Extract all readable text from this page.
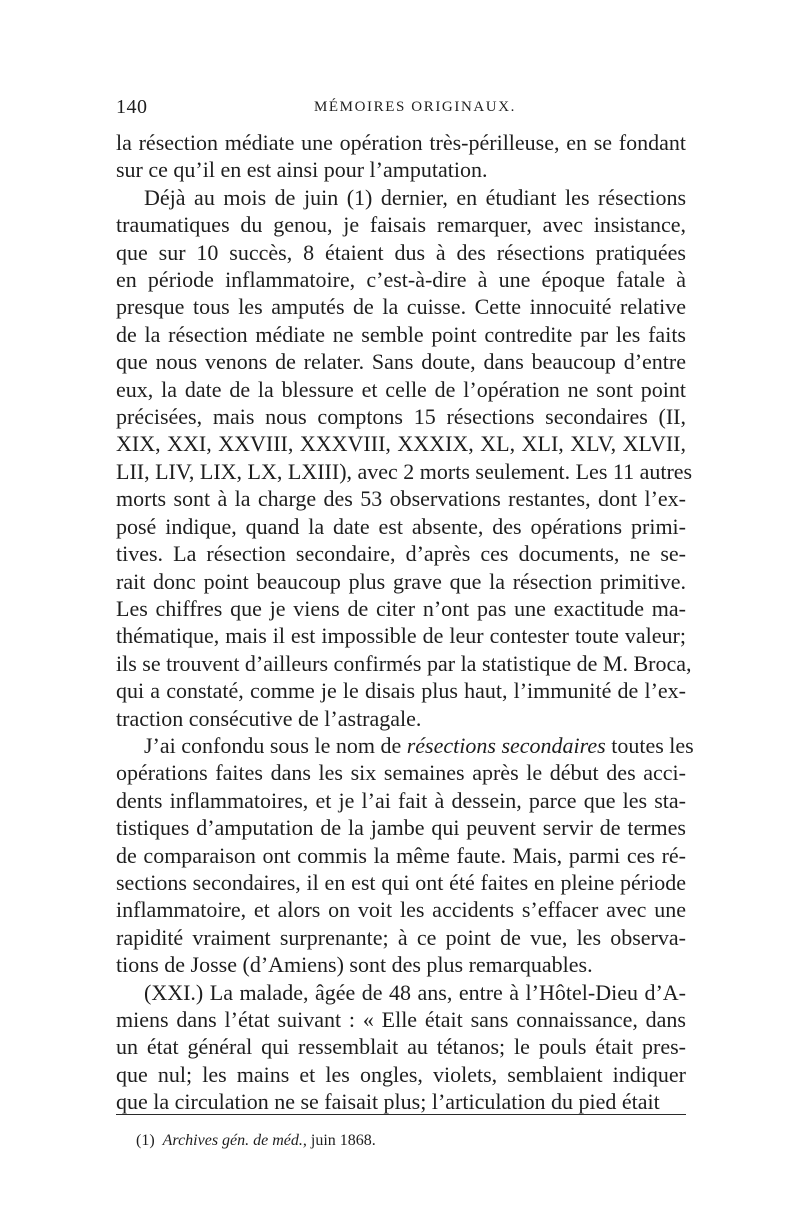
140	MÉMOIRES ORIGINAUX.

la résection médiate une opération très-périlleuse, en se fondant
sur ce qu’il en est ainsi pour l’amputation.

Déjà au mois de juin (1) dernier, en étudiant les résections
traumatiques du genou, je faisais remarquer, avec insistance,
que sur 10 succès, 8 étaient dus à des résections pratiquées
en période inflammatoire, c’est-à-dire à une époque fatale à
presque tous les amputés de la cuisse. Cette innocuité relative
de la résection médiate ne semble point contredite par les faits
que nous venons de relater. Sans doute, dans beaucoup d’entre
eux, la date de la blessure et celle de l’opération ne sont point
précisées, mais nous comptons 15 résections secondaires (II,
XIX, XXI, XXVIII, XXXVIII, XXXIX, XL, XLI, XLV, XLVII,
LII, LIV, LIX, LX, LXIII), avec 2 morts seulement. Les 11 autres
morts sont à la charge des 53 observations restantes, dont l’ex-
posé indique, quand la date est absente, des opérations primi-
tives. La résection secondaire, d’après ces documents, ne se-
rait donc point beaucoup plus grave que la résection primitive.
Les chiffres que je viens de citer n’ont pas une exactitude ma-
thématique, mais il est impossible de leur contester toute valeur;
ils se trouvent d’ailleurs confirmés par la statistique de M. Broca,
qui a constaté, comme je le disais plus haut, l’immunité de l’ex-
traction consécutive de l’astragale.

J’ai confondu sous le nom de résections secondaires toutes les
opérations faites dans les six semaines après le début des acci-
dents inflammatoires, et je l’ai fait à dessein, parce que les sta-
tistiques d’amputation de la jambe qui peuvent servir de termes
de comparaison ont commis la même faute. Mais, parmi ces ré-
sections secondaires, il en est qui ont été faites en pleine période
inflammatoire, et alors on voit les accidents s’effacer avec une
rapidité vraiment surprenante; à ce point de vue, les observa-
tions de Josse (d’Amiens) sont des plus remarquables.

(XXI.) La malade, âgée de 48 ans, entre à l’Hôtel-Dieu d’A-
miens dans l’état suivant : « Elle était sans connaissance, dans
un état général qui ressemblait au tétanos; le pouls était pres-
que nul; les mains et les ongles, violets, semblaient indiquer
que la circulation ne se faisait plus; l’articulation du pied était

(1) Archives gén. de méd., juin 1868.
